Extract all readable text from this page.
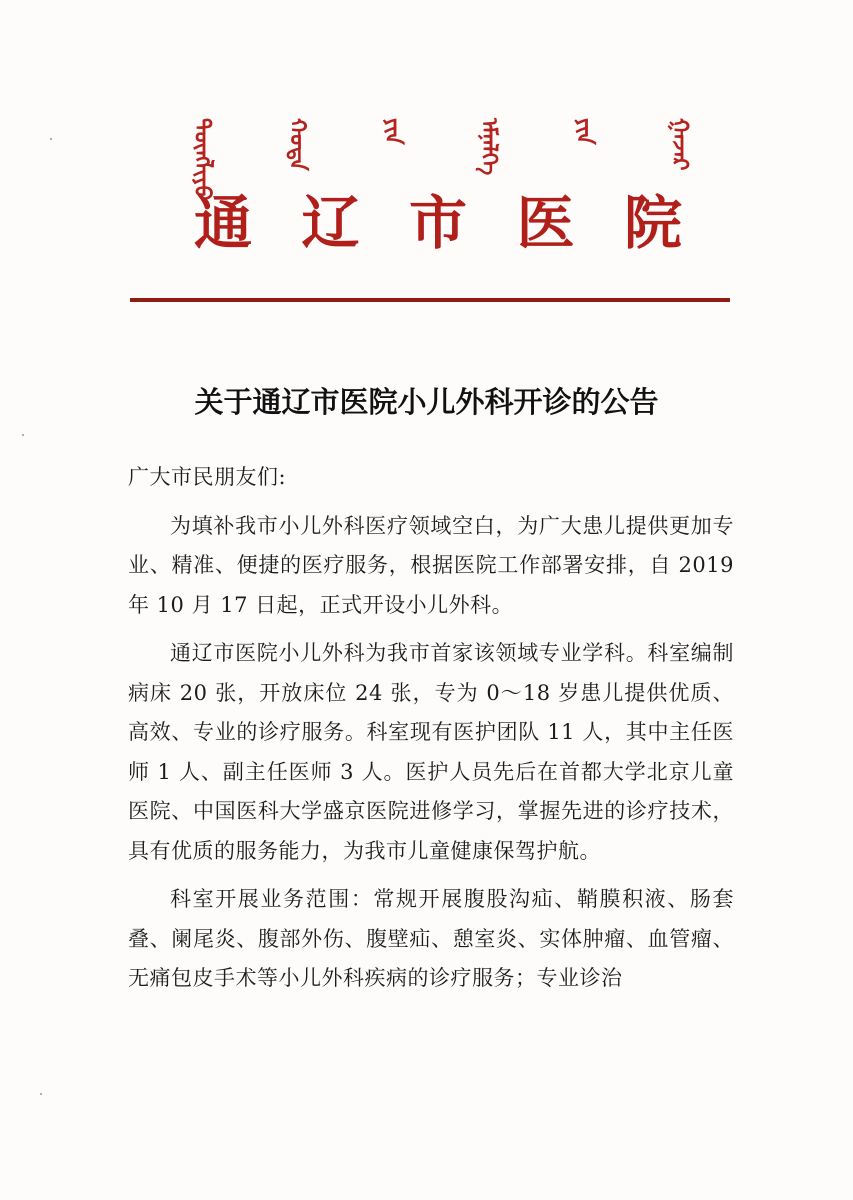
ᠲᠦᠩᠯᠢᠶᠣ	ᠬᠣᠲᠠ	ᠶᠢᠨ	ᠡᠮᠨᠡᠯᠭᠡ	ᠶᠢᠨ	ᠭᠠᠵᠠᠷ
通 辽 市 医 院
关于通辽市医院小儿外科开诊的公告

广大市民朋友们:

为填补我市小儿外科医疗领域空白，为广大患儿提供更加专业、精准、便捷的医疗服务，根据医院工作部署安排，自 2019 年 10 月 17 日起，正式开设小儿外科。

通辽市医院小儿外科为我市首家该领域专业学科。科室编制病床 20 张，开放床位 24 张，专为 0～18 岁患儿提供优质、高效、专业的诊疗服务。科室现有医护团队 11 人，其中主任医师 1 人、副主任医师 3 人。医护人员先后在首都大学北京儿童医院、中国医科大学盛京医院进修学习，掌握先进的诊疗技术，具有优质的服务能力，为我市儿童健康保驾护航。

科室开展业务范围：常规开展腹股沟疝、鞘膜积液、肠套叠、阑尾炎、腹部外伤、腹壁疝、憩室炎、实体肿瘤、血管瘤、无痛包皮手术等小儿外科疾病的诊疗服务；专业诊治
